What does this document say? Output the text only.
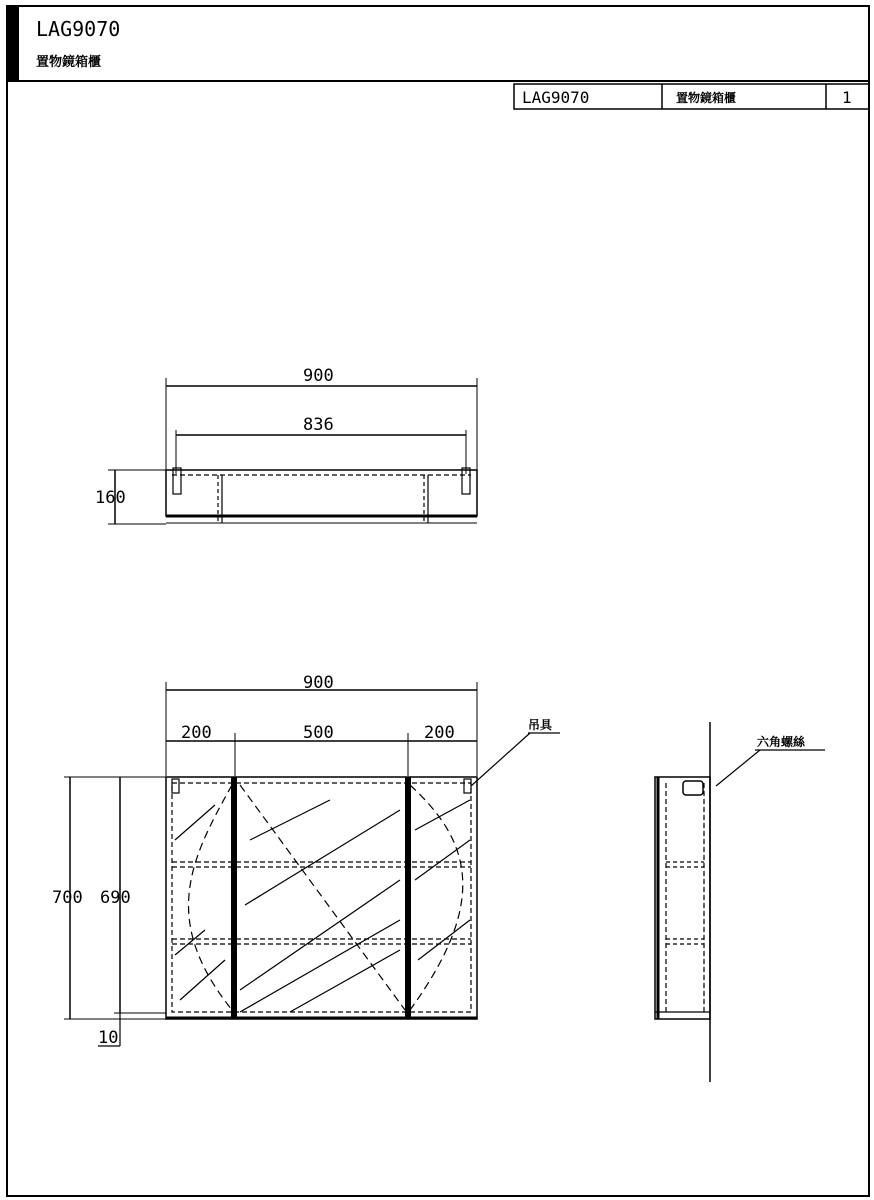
LAG9070
置物鏡箱櫃
LAG9070	置物鏡箱櫃	1
900
836
160
900
200	500	200
700 690
10
吊具
六角螺絲
